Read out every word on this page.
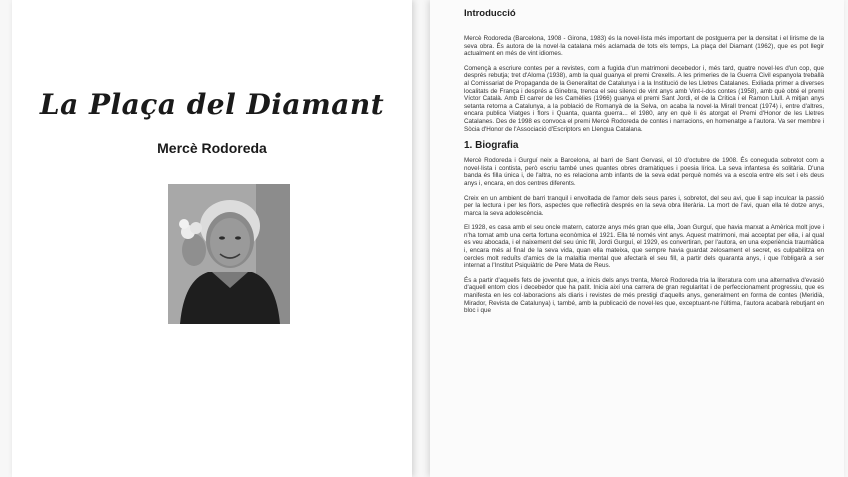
La Plaça del Diamant
Mercè Rodoreda
Introducció

Mercè Rodoreda (Barcelona, 1908 - Girona, 1983) és la novel·lista més important de postguerra per la densitat i el lirisme de la seva obra. És autora de la novel·la catalana més aclamada de tots els temps, La plaça del Diamant (1962), que es pot llegir actualment en més de vint idiomes.

Començà a escriure contes per a revistes, com a fugida d'un matrimoni decebedor i, més tard, quatre novel·les d'un cop, que després rebutja; tret d'Aloma (1938), amb la qual guanya el premi Crexells. A les primeries de la Guerra Civil espanyola treballà al Comissariat de Propaganda de la Generalitat de Catalunya i a la Institució de les Lletres Catalanes. Exiliada primer a diverses localitats de França i després a Ginebra, trenca el seu silenci de vint anys amb Vint-i-dos contes (1958), amb què obté el premi Víctor Català. Amb El carrer de les Camèlies (1966) guanya el premi Sant Jordi, el de la Crítica i el Ramon Llull. A mitjan anys setanta retorna a Catalunya, a la població de Romanyà de la Selva, on acaba la novel·la Mirall trencat (1974) i, entre d'altres, encara publica Viatges i flors i Quanta, quanta guerra... el 1980, any en què li és atorgat el Premi d'Honor de les Lletres Catalanes. Des de 1998 es convoca el premi Mercè Rodoreda de contes i narracions, en homenatge a l'autora. Va ser membre i Sòcia d'Honor de l'Associació d'Escriptors en Llengua Catalana.

1. Biografia

Mercè Rodoreda i Gurguí neix a Barcelona, al barri de Sant Gervasi, el 10 d'octubre de 1908. És coneguda sobretot com a novel·lista i contista, però escriu també unes quantes obres dramàtiques i poesia lírica. La seva infantesa és solitària. D'una banda és filla única i, de l'altra, no es relaciona amb infants de la seva edat perquè només va a escola entre els set i els deus anys i, encara, en dos centres diferents.

Creix en un ambient de barri tranquil i envoltada de l'amor dels seus pares i, sobretot, del seu avi, que li sap inculcar la passió per la lectura i per les flors, aspectes que reflectirà després en la seva obra literària. La mort de l'avi, quan ella té dotze anys, marca la seva adolescència.

El 1928, es casa amb el seu oncle matern, catorze anys més gran que ella, Joan Gurguí, que havia marxat a Amèrica molt jove i n'ha tornat amb una certa fortuna econòmica el 1921. Ella té només vint anys. Aquest matrimoni, mai acceptat per ella, i al qual es veu abocada, i el naixement del seu únic fill, Jordi Gurguí, el 1929, es convertiran, per l'autora, en una experiència traumàtica i, encara més al final de la seva vida, quan ella mateixa, que sempre havia guardat zelosament el secret, es culpabilitza en cercles molt reduïts d'amics de la malaltia mental que afectarà el seu fill, a partir dels quaranta anys, i que l'obligarà a ser internat a l'Institut Psiquiàtric de Pere Mata de Reus.

És a partir d'aquells fets de joventut que, a inicis dels anys trenta, Mercè Rodoreda tria la literatura com una alternativa d'evasió d'aquell entorn clos i decebedor que ha patit. Inicia així una carrera de gran regularitat i de perfeccionament progressiu, que es manifesta en les col·laboracions als diaris i revistes de més prestigi d'aquells anys, generalment en forma de contes (Meridià, Mirador, Revista de Catalunya) i, també, amb la publicació de novel·les que, exceptuant-ne l'última, l'autora acabarà rebutjant en bloc i que
